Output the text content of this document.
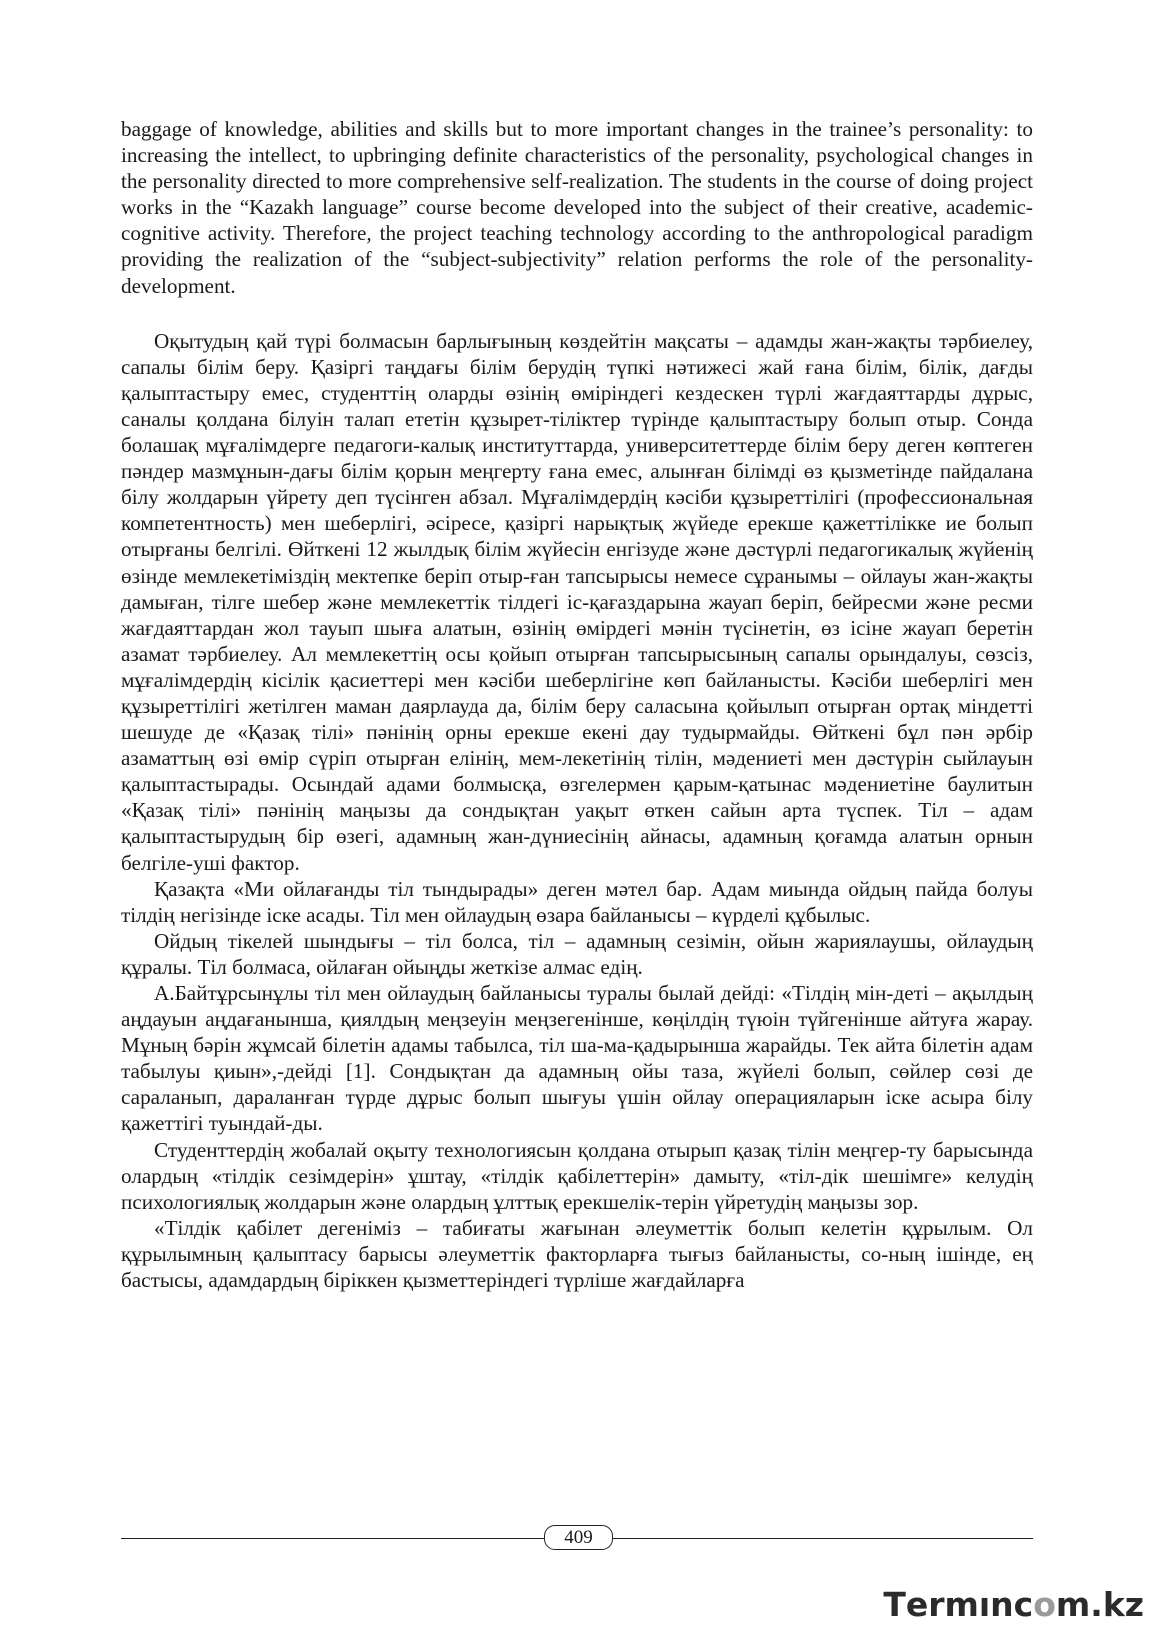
baggage of knowledge, abilities and skills but to more important changes in the trainee’s personality: to increasing the intellect, to upbringing definite characteristics of the personality, psychological changes in the personality directed to more comprehensive self-realization. The students in the course of doing project works in the “Kazakh language” course become developed into the subject of their creative, academic-cognitive activity. Therefore, the project teaching technology according to the anthropological paradigm providing the realization of the “subject-subjectivity” relation performs the role of the personality-development.

Оқытудың қай түрі болмасын барлығының көздейтін мақсаты – адамды жан-жақты тәрбиелеу, сапалы білім беру. Қазіргі таңдағы білім берудің түпкі нәтижесі жай ғана білім, білік, дағды қалыптастыру емес, студенттің оларды өзінің өміріндегі кездескен түрлі жағдаяттарды дұрыс, саналы қолдана білуін талап ететін құзырет-тіліктер түрінде қалыптастыру болып отыр. Сонда болашақ мұғалімдерге педагоги-калық институттарда, университеттерде білім беру деген көптеген пәндер мазмұнын-дағы білім қорын меңгерту ғана емес, алынған білімді өз қызметінде пайдалана білу жолдарын үйрету деп түсінген абзал. Мұғалімдердің кәсіби құзыреттілігі (профессиональная компетентность) мен шеберлігі, әсіресе, қазіргі нарықтық жүйеде ерекше қажеттілікке ие болып отырғаны белгілі. Өйткені 12 жылдық білім жүйесін енгізуде және дәстүрлі педагогикалық жүйенің өзінде мемлекетіміздің мектепке беріп отыр-ған тапсырысы немесе сұранымы – ойлауы жан-жақты дамыған, тілге шебер және мемлекеттік тілдегі іс-қағаздарына жауап беріп, бейресми және ресми жағдаяттардан жол тауып шыға алатын, өзінің өмірдегі мәнін түсінетін, өз ісіне жауап беретін азамат тәрбиелеу. Ал мемлекеттің осы қойып отырған тапсырысының сапалы орындалуы, сөзсіз, мұғалімдердің кісілік қасиеттері мен кәсіби шеберлігіне көп байланысты. Кәсіби шеберлігі мен құзыреттілігі жетілген маман даярлауда да, білім беру саласына қойылып отырған ортақ міндетті шешуде де «Қазақ тілі» пәнінің орны ерекше екені дау тудырмайды. Өйткені бұл пән әрбір азаматтың өзі өмір сүріп отырған елінің, мем-лекетінің тілін, мәдениеті мен дәстүрін сыйлауын қалыптастырады. Осындай адами болмысқа, өзгелермен қарым-қатынас мәдениетіне баулитын «Қазақ тілі» пәнінің маңызы да сондықтан уақыт өткен сайын арта түспек. Тіл – адам қалыптастырудың бір өзегі, адамның жан-дүниесінің айнасы, адамның қоғамда алатын орнын белгіле-уші фактор.

Қазақта «Ми ойлағанды тіл тындырады» деген мәтел бар. Адам миында ойдың пайда болуы тілдің негізінде іске асады. Тіл мен ойлаудың өзара байланысы – күрделі құбылыс.

Ойдың тікелей шындығы – тіл болса, тіл – адамның сезімін, ойын жариялаушы, ойлаудың құралы. Тіл болмаса, ойлаған ойыңды жеткізе алмас едің.

А.Байтұрсынұлы тіл мен ойлаудың байланысы туралы былай дейді: «Тілдің мін-деті – ақылдың аңдауын аңдағанынша, қиялдың меңзеуін меңзегенінше, көңілдің түюін түйгенінше айтуға жарау. Мұның бәрін жұмсай білетін адамы табылса, тіл ша-ма-қадырынша жарайды. Тек айта білетін адам табылуы қиын»,-дейді [1]. Сондықтан да адамның ойы таза, жүйелі болып, сөйлер сөзі де сараланып, дараланған түрде дұрыс болып шығуы үшін ойлау операцияларын іске асыра білу қажеттігі туындай-ды.

Студенттердің жобалай оқыту технологиясын қолдана отырып қазақ тілін меңгер-ту барысында олардың «тілдік сезімдерін» ұштау, «тілдік қабілеттерін» дамыту, «тіл-дік шешімге» келудің психологиялық жолдарын және олардың ұлттық ерекшелік-терін үйретудің маңызы зор.

«Тілдік қабілет дегеніміз – табиғаты жағынан әлеуметтік болып келетін құрылым. Ол құрылымның қалыптасу барысы әлеуметтік факторларға тығыз байланысты, со-ның ішінде, ең бастысы, адамдардың біріккен қызметтеріндегі түрліше жағдайларға

409
Termıncom.kz
